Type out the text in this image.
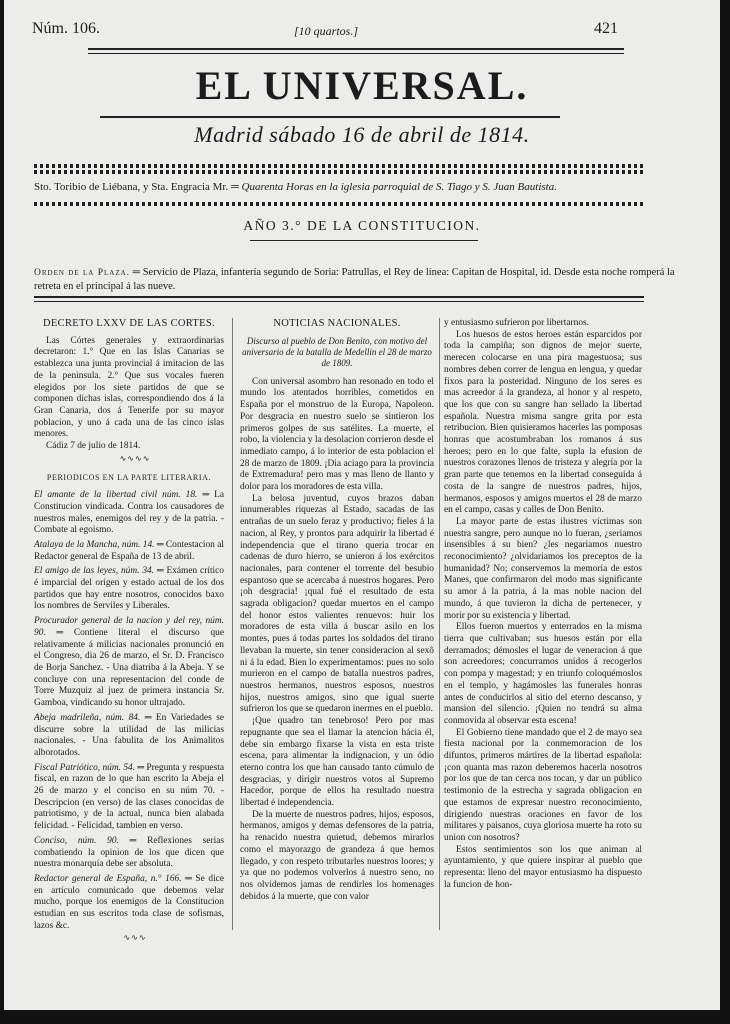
Núm. 106.	[10 quartos.]	421
EL UNIVERSAL.
Madrid sábado 16 de abril de 1814.
Sto. Toribio de Liébana, y Sta. Engracia Mr. ═ Quarenta Horas en la iglesia parroquial de S. Tiago y S. Juan Bautista.
AÑO 3.° DE LA CONSTITUCION.
Orden de la Plaza. ═ Servicio de Plaza, infantería segundo de Soria: Patrullas, el Rey de línea: Capitan de Hospital, id. Desde esta noche romperá la retreta en el principal á las nueve.

DECRETO LXXV DE LAS CORTES.

Las Córtes generales y extraordinarias decretaron: 1.° Que en las Islas Canarias se establezca una junta provincial á imitacion de las de la peninsula. 2.° Que sus vocales fueren elegidos por los siete partidos de que se componen dichas islas, correspondiendo dos á la Gran Canaria, dos á Tenerife por su mayor poblacion, y uno á cada una de las cinco islas menores.

Cádiz 7 de julio de 1814.

∿∿∿∿

PERIODICOS EN LA PARTE LITERARIA.

El amante de la libertad civil núm. 18. ═ La Constitucion vindicada. Contra los causadores de nuestros males, enemigos del rey y de la patria. - Combate al egoismo.

Atalaya de la Mancha, núm. 14. ═ Contestacion al Redactor general de España de 13 de abril.

El amigo de las leyes, núm. 34. ═ Exámen crítico é imparcial del orígen y estado actual de los dos partidos que hay entre nosotros, conocidos baxo los nombres de Serviles y Liberales.

Procurador general de la nacion y del rey, núm. 90. ═ Contiene literal el discurso que relativamente á milicias nacionales pronunció en el Congreso, dia 26 de marzo, el Sr. D. Francisco de Borja Sanchez. - Una diatriba á la Abeja. Y se concluye con una representacion del conde de Torre Muzquiz al juez de primera instancia Sr. Gamboa, vindicando su honor ultrajado.

Abeja madrileña, núm. 84. ═ En Variedades se discurre sobre la utilidad de las milicias nacionales. - Una fabulita de los Animalitos alborotados.

Fiscal Patriótico, núm. 54. ═ Pregunta y respuesta fiscal, en razon de lo que han escrito la Abeja el 26 de marzo y el conciso en su núm 70. - Descripcion (en verso) de las clases conocidas de patriotismo, y de la actual, nunca bien alabada felicidad. - Felicidad, tambien en verso.

Conciso, núm. 90. ═ Reflexiones serias combatiendo la opinion de los que dicen que nuestra monarquía debe ser absoluta.

Redactor general de España, n.° 166. ═ Se dice en artículo comunicado que debemos velar mucho, porque los enemigos de la Constitucion estudian en sus escritos toda clase de sofismas, lazos &c.

∿∿∿

NOTICIAS NACIONALES.

Discurso al pueblo de Don Benito, con motivo del aniversario de la batalla de Medellin el 28 de marzo de 1809.

Con universal asombro han resonado en todo el mundo los atentados horribles, cometidos en España por el monstruo de la Europa, Napoleon. Por desgracia en nuestro suelo se sintieron los primeros golpes de sus satélites. La muerte, el robo, la violencia y la desolacion corrieron desde el inmediato campo, á lo interior de esta poblacion el 28 de marzo de 1809. ¡Dia aciago para la provincia de Extremadura! pero mas y mas lleno de llanto y dolor para los moradores de esta villa.

La belosa juventud, cuyos brazos daban innumerables riquezas al Estado, sacadas de las entrañas de un suelo feraz y productivo; fieles á la nacion, al Rey, y prontos para adquirir la libertad é independencia que el tirano queria trocar en cadenas de duro hierro, se unieron á los exércitos nacionales, para contener el torrente del besubio espantoso que se acercaba á nuestros hogares. Pero ¡oh desgracia! ¡qual fué el resultado de esta sagrada obligacion? quedar muertos en el campo del honor estos valientes renuevos: huir los moradores de esta villa á buscar asilo en los montes, pues á todas partes los soldados del tirano llevaban la muerte, sin tener consideracion al sexô ni á la edad. Bien lo experimentamos: pues no solo murieron en el campo de batalla nuestros padres, nuestros hermanos, nuestros esposos, nuestros hijos, nuestros amigos, sino que igual suerte sufrieron los que se quedaron inermes en el pueblo.

¡Que quadro tan tenebroso! Pero por mas repugnante que sea el llamar la atencion hácia él, debe sin embargo fixarse la vista en esta triste escena, para alimentar la indignacion, y un ódio eterno contra los que han causado tanto cúmulo de desgracias, y dirigir nuestros votos al Supremo Hacedor, porque de ellos ha resultado nuestra libertad é independencia.

De la muerte de nuestros padres, hijos, esposos, hermanos, amigos y demas defensores de la patria, ha renacido nuestra quietud, debemos mirarlos como el mayorazgo de grandeza á que hemos llegado, y con respeto tributarles nuestros loores; y ya que no podemos volverlos á nuestro seno, no nos olvidemos jamas de rendirles los homenages debidos á la muerte, que con valor

y entusiasmo sufrieron por libertarnos.

Los huesos de estos heroes están esparcidos por toda la campiña; son dignos de mejor suerte, merecen colocarse en una pira magestuosa; sus nombres deben correr de lengua en lengua, y quedar fixos para la posteridad. Ninguno de los seres es mas acreedor á la grandeza, al honor y al respeto, que los que con su sangre han sellado la libertad española. Nuestra misma sangre grita por esta retribucion. Bien quisieramos hacerles las pomposas honras que acostumbraban los romanos á sus heroes; pero en lo que falte, supla la efusion de nuestros corazones llenos de tristeza y alegría por la gran parte que tenemos en la libertad conseguida á costa de la sangre de nuestros padres, hijos, hermanos, esposos y amigos muertos el 28 de marzo en el campo, casas y calles de Don Benito.

La mayor parte de estas ilustres víctimas son nuestra sangre, pero aunque no lo fueran, ¿seriamos insensibles á su bien? ¿les negariamos nuestro reconocimiento? ¿olvidariamos los preceptos de la humanidad? No; conservemos la memoria de estos Manes, que confirmaron del modo mas significante su amor á la patria, á la mas noble nacion del mundo, á que tuvieron la dicha de pertenecer, y morir por su existencia y libertad.

Ellos fueron muertos y enterrados en la misma tierra que cultivaban; sus huesos están por ella derramados; démosles el lugar de veneracion á que son acreedores; concurramos unidos á recogerlos con pompa y magestad; y en triunfo coloquémoslos en el templo, y hagámosles las funerales honras antes de conducirlos al sitio del eterno descanso, y mansion del silencio. ¡Quien no tendrá su alma conmovida al observar esta escena!

El Gobierno tiene mandado que el 2 de mayo sea fiesta nacional por la conmemoracion de los difuntos, primeros mártires de la libertad española: ¡con quanta mas razon deberemos hacerla nosotros por los que de tan cerca nos tocan, y dar un público testimonio de la estrecha y sagrada obligacion en que estamos de expresar nuestro reconocimiento, dirigiendo nuestras oraciones en favor de los militares y paisanos, cuya gloriosa muerte ha roto su union con nosotros?

Estos sentimientos son los que animan al ayuntamiento, y que quiere inspirar al pueblo que representa: lleno del mayor entusiasmo ha dispuesto la funcion de hon-
